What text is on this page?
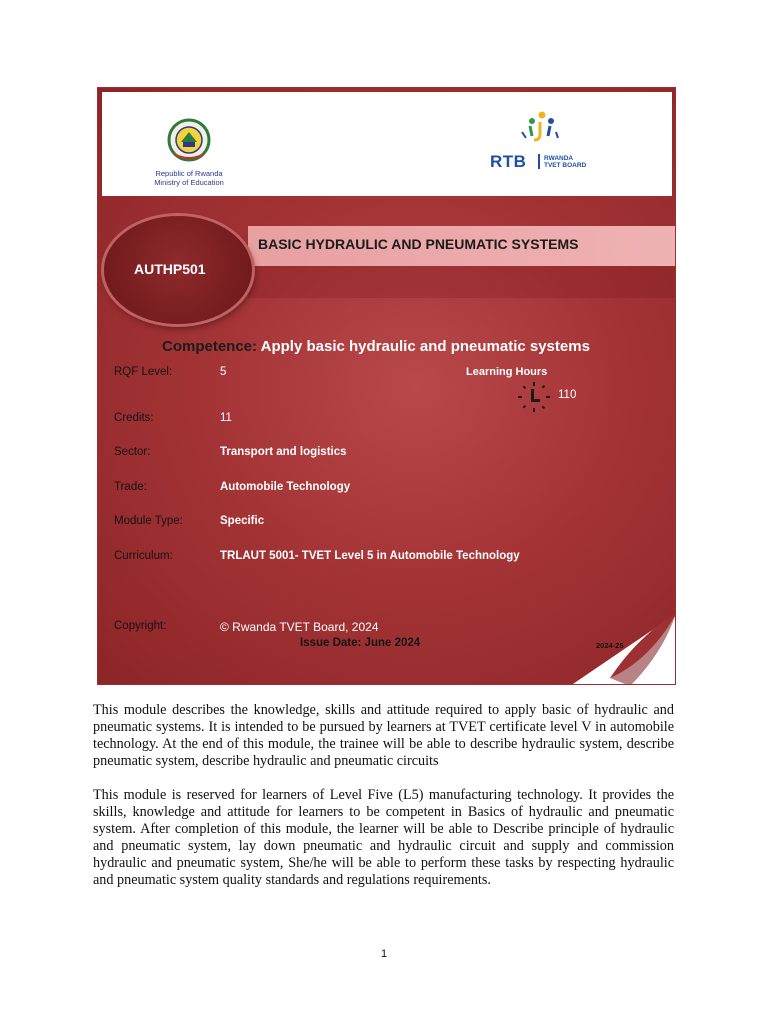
Republic of Rwanda
Ministry of Education
RTB	RWANDA
TVET BOARD
BASIC HYDRAULIC AND PNEUMATIC SYSTEMS
AUTHP501
Competence: Apply basic hydraulic and pneumatic systems
RQF Level:	5	Learning Hours
110
Credits:	11
Sector:	Transport and logistics
Trade:	Automobile Technology
Module Type:	Specific
Curriculum:	TRLAUT 5001- TVET Level 5 in Automobile Technology
Copyright:	© Rwanda TVET Board, 2024
Issue Date: June 2024	2024-25

This module describes the knowledge, skills and attitude required to apply basic of hydraulic and pneumatic systems. It is intended to be pursued by learners at TVET certificate level V in automobile technology. At the end of this module, the trainee will be able to describe hydraulic system, describe pneumatic system, describe hydraulic and pneumatic circuits

This module is reserved for learners of Level Five (L5) manufacturing technology. It provides the skills, knowledge and attitude for learners to be competent in Basics of hydraulic and pneumatic system. After completion of this module, the learner will be able to Describe principle of hydraulic and pneumatic system, lay down pneumatic and hydraulic circuit and supply and commission hydraulic and pneumatic system, She/he will be able to perform these tasks by respecting hydraulic and pneumatic system quality standards and regulations requirements.

1
